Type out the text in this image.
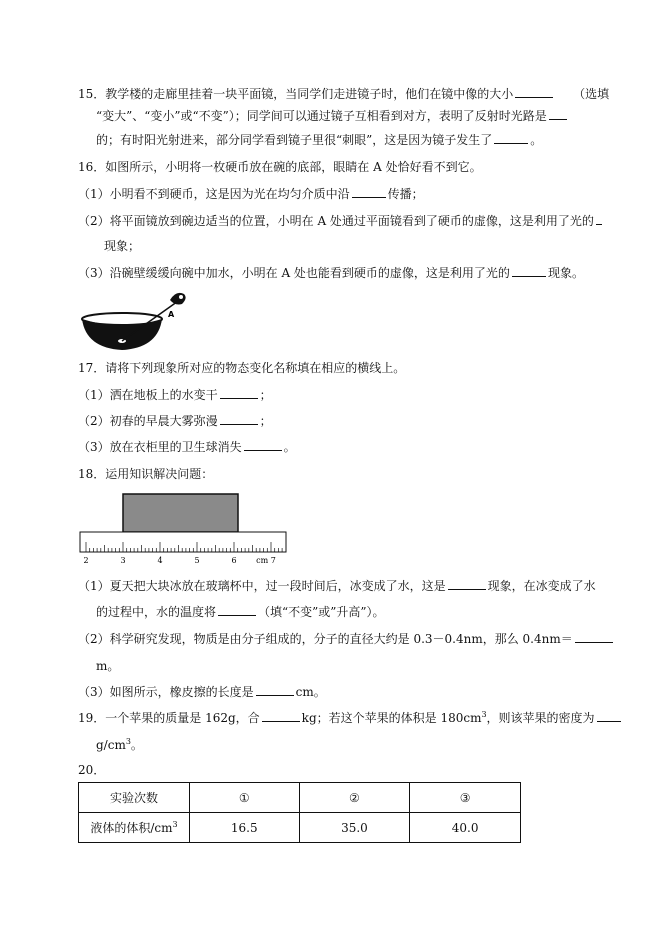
15．教学楼的走廊里挂着一块平面镜，当同学们走进镜子时，他们在镜中像的大小	（选填
“变大”、“变小”或“不变”）；同学间可以通过镜子互相看到对方，表明了反射时光路是
的；有时阳光射进来，部分同学看到镜子里很“刺眼”，这是因为镜子发生了	。
16．如图所示，小明将一枚硬币放在碗的底部，眼睛在 A 处恰好看不到它。
（1）小明看不到硬币，这是因为光在均匀介质中沿	传播；
（2）将平面镜放到碗边适当的位置，小明在 A 处通过平面镜看到了硬币的虚像，这是利用了光的
现象；
（3）沿碗壁缓缓向碗中加水，小明在 A 处也能看到硬币的虚像，这是利用了光的	现象。
A
17．请将下列现象所对应的物态变化名称填在相应的横线上。
（1）洒在地板上的水变干	；
（2）初春的早晨大雾弥漫	；
（3）放在衣柜里的卫生球消失	。
18．运用知识解决问题：
2	3	4	5	6 cm 7
（1）夏天把大块冰放在玻璃杯中，过一段时间后，冰变成了水，这是	现象，在冰变成了水
的过程中，水的温度将	（填“不变”或”升高”）。
（2）科学研究发现，物质是由分子组成的，分子的直径大约是 0.3－0.4nm，那么 0.4nm＝
m。
（3）如图所示，橡皮擦的长度是	cm。
19．一个苹果的质量是 162g，合	kg；若这个苹果的体积是 $180cm^3$，则该苹果的密度为
$g/cm^3$。
20．
实验次数	①	②	③
液体的体积$/cm^3$	16.5	35.0	40.0
